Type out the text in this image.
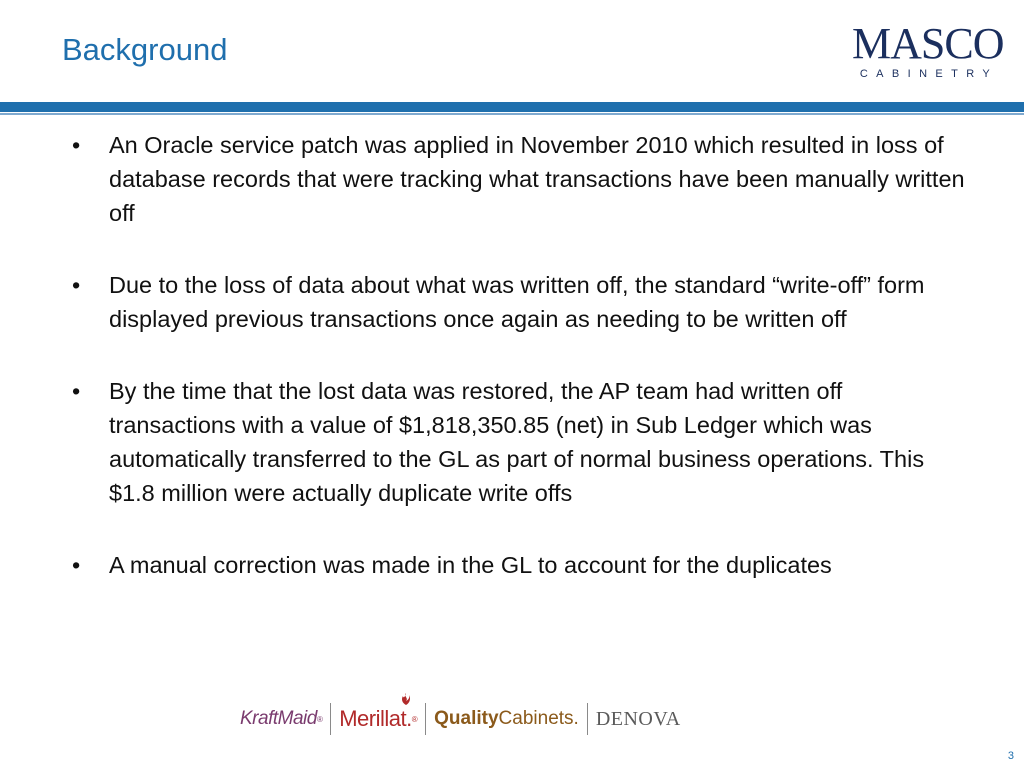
Background	MASCO
CABINETRY
• An Oracle service patch was applied in November 2010 which resulted in loss of database records that were tracking what transactions have been manually written off
• Due to the loss of data about what was written off, the standard “write-off” form displayed previous transactions once again as needing to be written off
• By the time that the lost data was restored, the AP team had written off transactions with a value of $1,818,350.85 (net) in Sub Ledger which was automatically transferred to the GL as part of normal business operations. This $1.8 million were actually duplicate write offs
• A manual correction was made in the GL to account for the duplicates
KraftMaid ® Merillat. ® Quality Cabinets. DENOVA
3
